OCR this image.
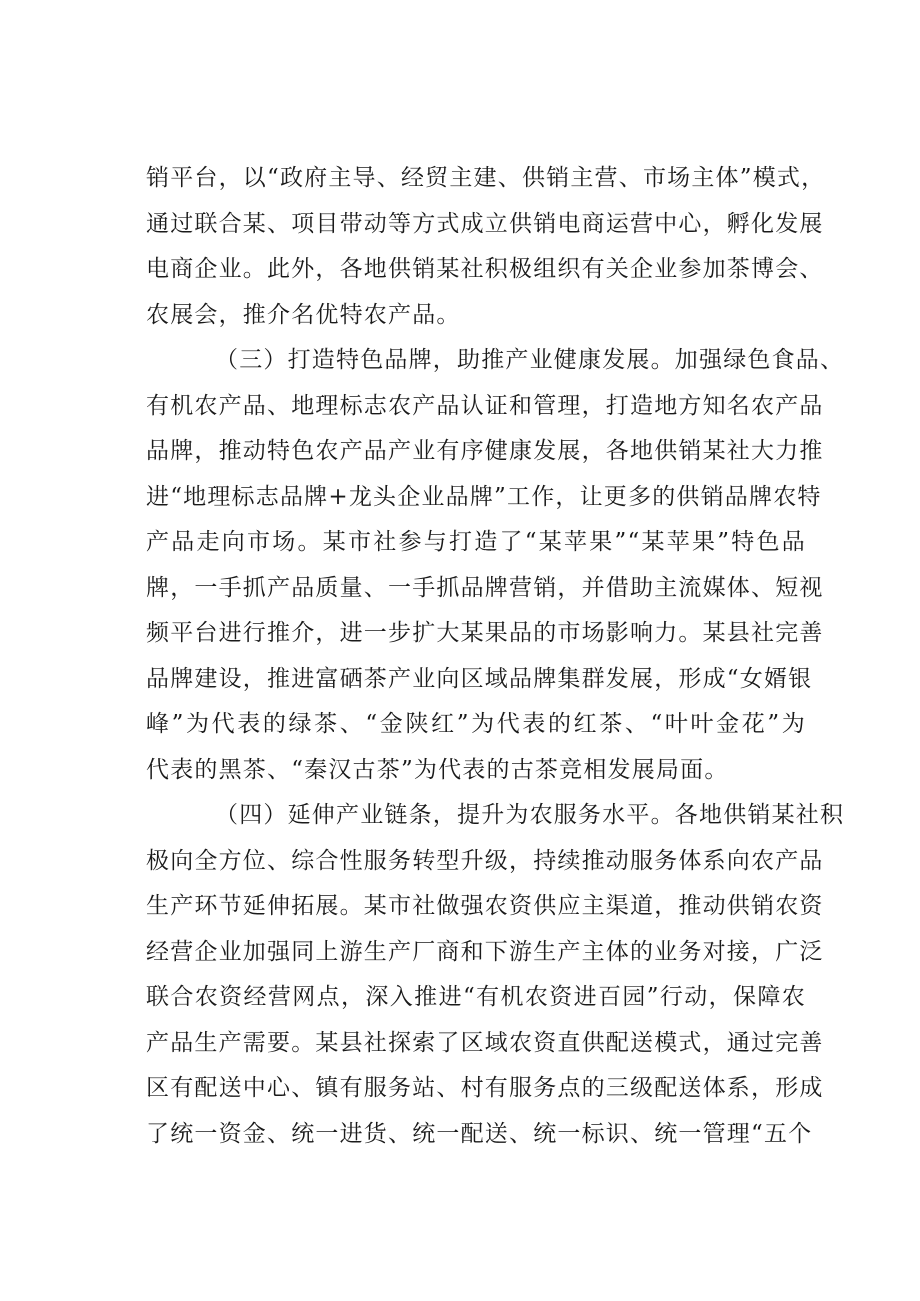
销平台，以“政府主导、经贸主建、供销主营、市场主体”模式，
通过联合某、项目带动等方式成立供销电商运营中心，孵化发展
电商企业。此外，各地供销某社积极组织有关企业参加茶博会、
农展会，推介名优特农产品。
（三）打造特色品牌，助推产业健康发展。加强绿色食品、
有机农产品、地理标志农产品认证和管理，打造地方知名农产品
品牌，推动特色农产品产业有序健康发展，各地供销某社大力推
进“地理标志品牌+龙头企业品牌”工作，让更多的供销品牌农特
产品走向市场。某市社参与打造了“某苹果”“某苹果”特色品
牌，一手抓产品质量、一手抓品牌营销，并借助主流媒体、短视
频平台进行推介，进一步扩大某果品的市场影响力。某县社完善
品牌建设，推进富硒茶产业向区域品牌集群发展，形成“女婿银
峰”为代表的绿茶、“金陕红”为代表的红茶、“叶叶金花”为
代表的黑茶、“秦汉古茶”为代表的古茶竞相发展局面。
（四）延伸产业链条，提升为农服务水平。各地供销某社积
极向全方位、综合性服务转型升级，持续推动服务体系向农产品
生产环节延伸拓展。某市社做强农资供应主渠道，推动供销农资
经营企业加强同上游生产厂商和下游生产主体的业务对接，广泛
联合农资经营网点，深入推进“有机农资进百园”行动，保障农
产品生产需要。某县社探索了区域农资直供配送模式，通过完善
区有配送中心、镇有服务站、村有服务点的三级配送体系，形成
了统一资金、统一进货、统一配送、统一标识、统一管理“五个
